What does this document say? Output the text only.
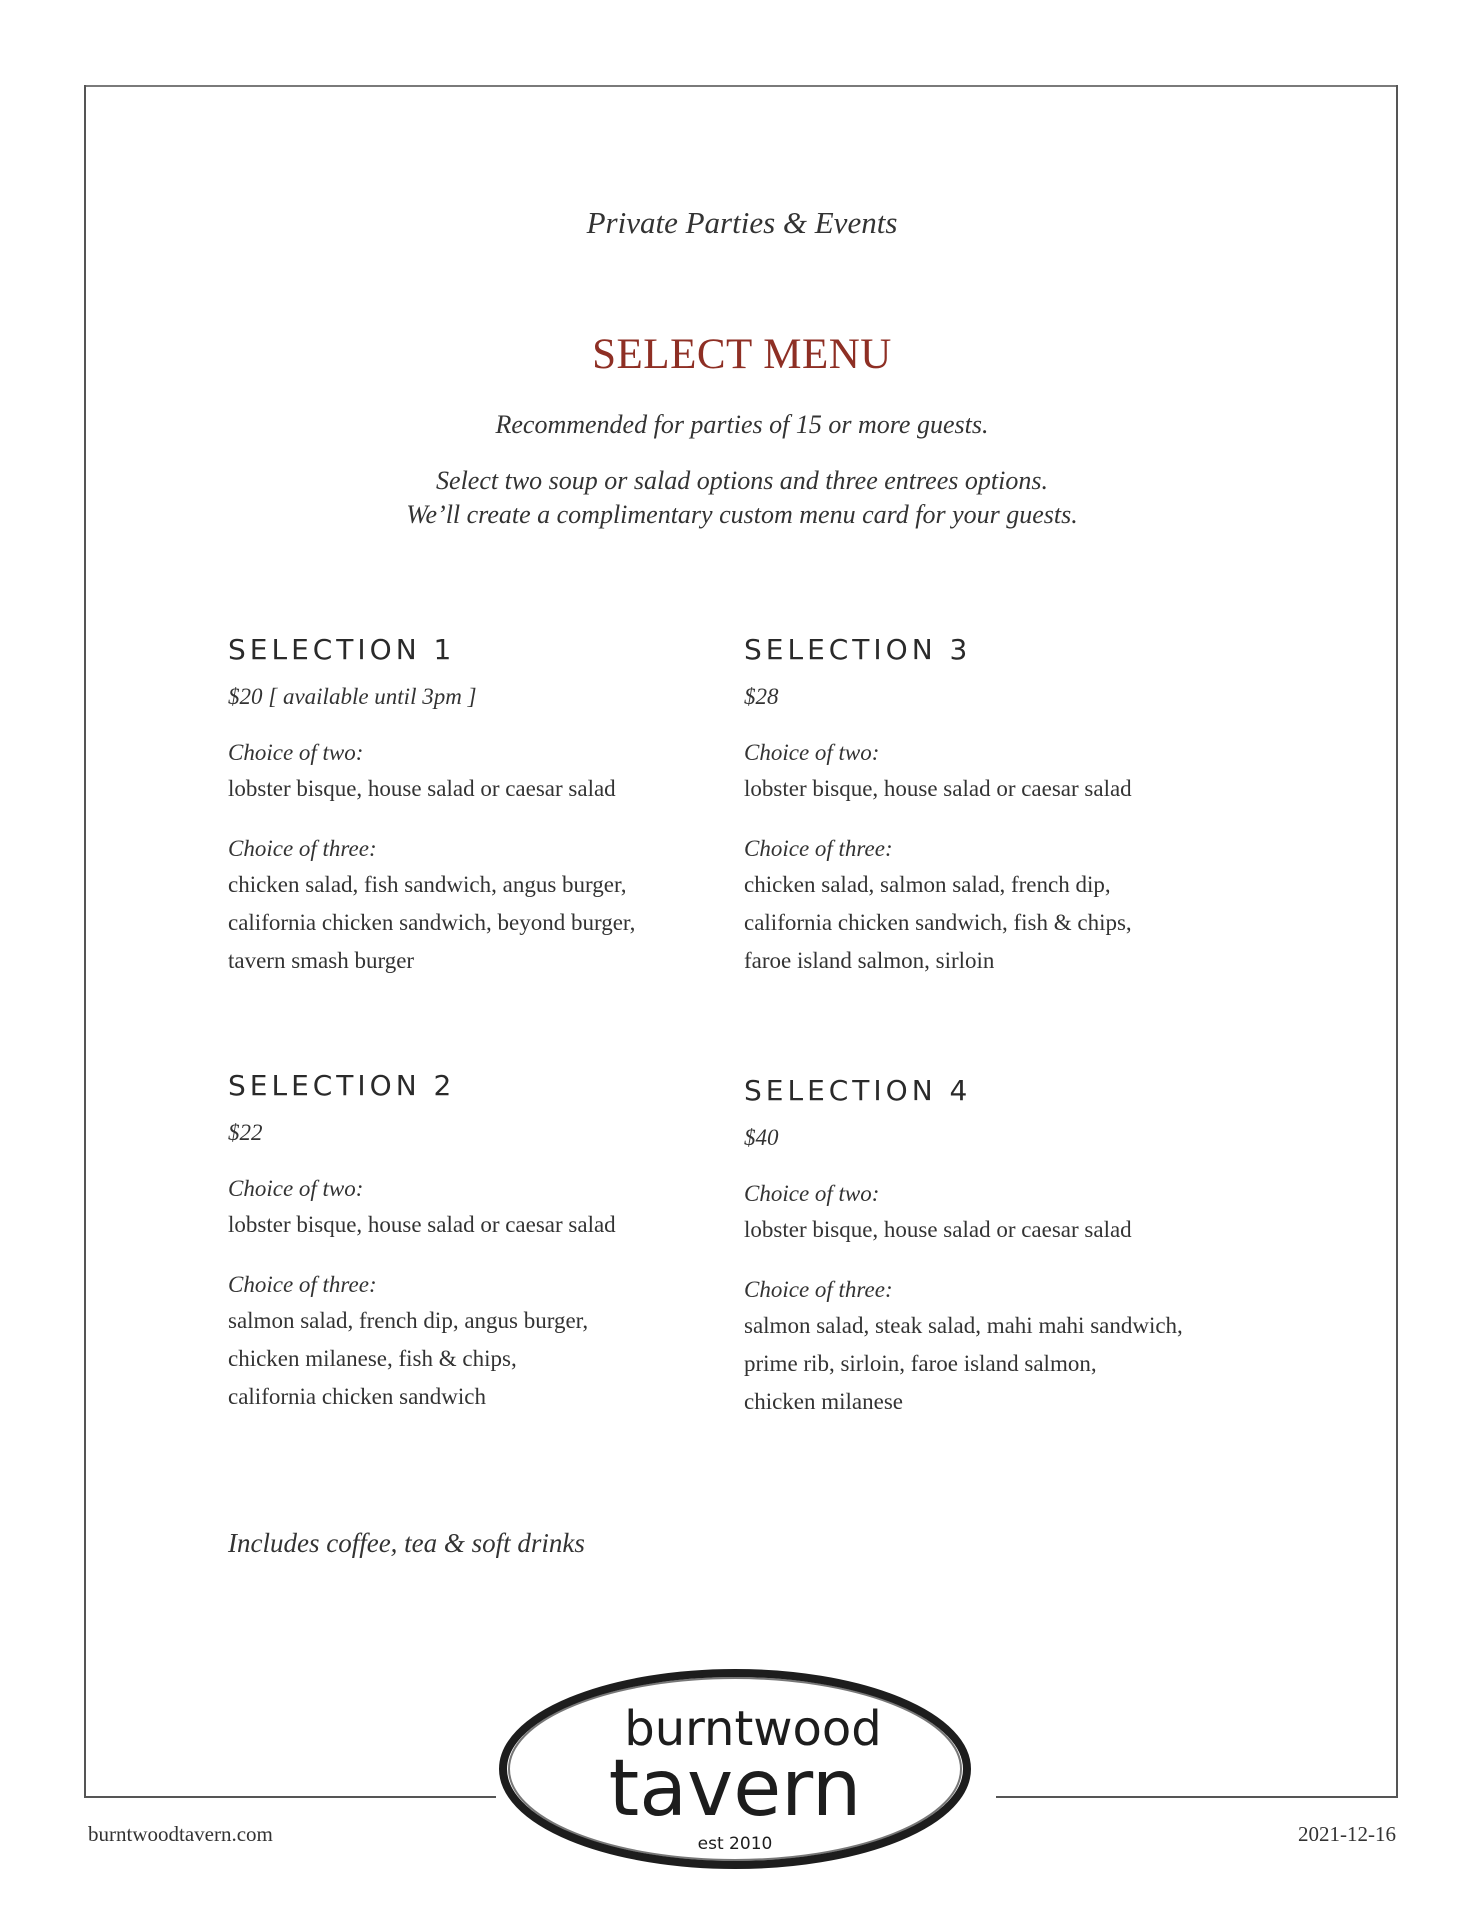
Private Parties & Events
SELECT MENU
Recommended for parties of 15 or more guests.
Select two soup or salad options and three entrees options.
We’ll create a complimentary custom menu card for your guests.
SELECTION 1
$20 [ available until 3pm ]
Choice of two:
lobster bisque, house salad or caesar salad
Choice of three:
chicken salad, fish sandwich, angus burger,
california chicken sandwich, beyond burger,
tavern smash burger
SELECTION 2
$22
Choice of two:
lobster bisque, house salad or caesar salad
Choice of three:
salmon salad, french dip, angus burger,
chicken milanese, fish & chips,
california chicken sandwich
SELECTION 3
$28
Choice of two:
lobster bisque, house salad or caesar salad
Choice of three:
chicken salad, salmon salad, french dip,
california chicken sandwich, fish & chips,
faroe island salmon, sirloin
SELECTION 4
$40
Choice of two:
lobster bisque, house salad or caesar salad
Choice of three:
salmon salad, steak salad, mahi mahi sandwich,
prime rib, sirloin, faroe island salmon,
chicken milanese
Includes coffee, tea & soft drinks
burntwood
tavern
est 2010
burntwoodtavern.com	2021-12-16
